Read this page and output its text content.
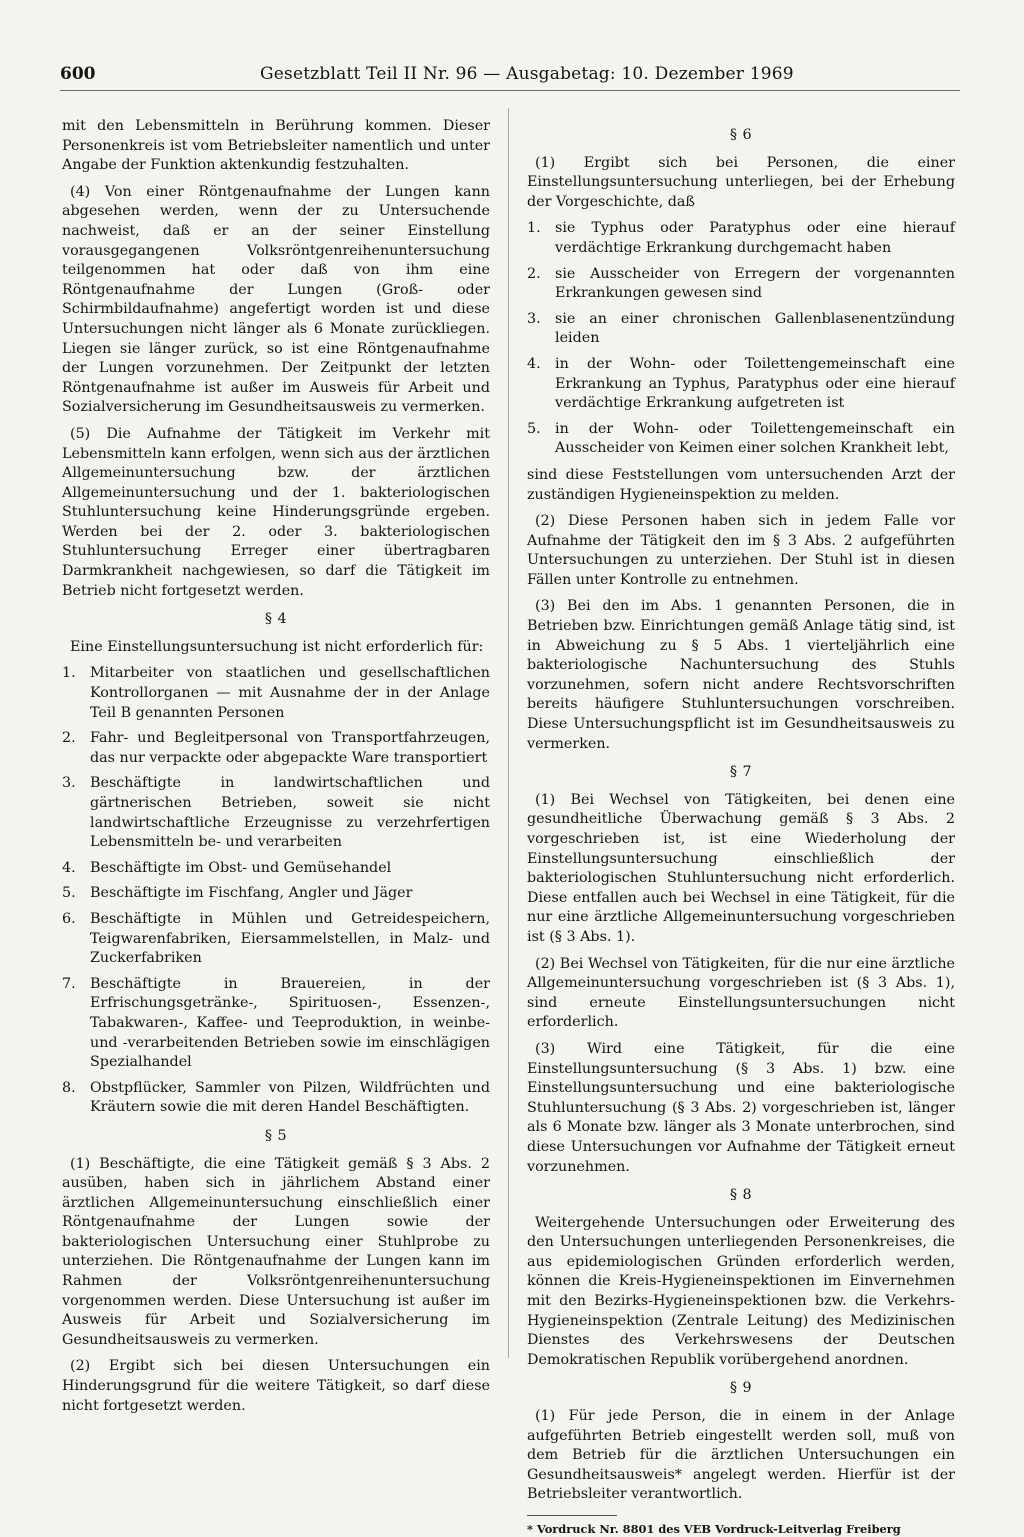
600	Gesetzblatt Teil II Nr. 96 — Ausgabetag: 10. Dezember 1969

mit den Lebensmitteln in Berührung kommen. Dieser Personenkreis ist vom Betriebsleiter namentlich und unter Angabe der Funktion aktenkundig festzuhalten.

(4) Von einer Röntgenaufnahme der Lungen kann abgesehen werden, wenn der zu Untersuchende nachweist, daß er an der seiner Einstellung vorausgegangenen Volksröntgenreihenuntersuchung teilgenommen hat oder daß von ihm eine Röntgenaufnahme der Lungen (Groß- oder Schirmbildaufnahme) angefertigt worden ist und diese Untersuchungen nicht länger als 6 Monate zurückliegen. Liegen sie länger zurück, so ist eine Röntgenaufnahme der Lungen vorzunehmen. Der Zeitpunkt der letzten Röntgenaufnahme ist außer im Ausweis für Arbeit und Sozialversicherung im Gesundheitsausweis zu vermerken.

(5) Die Aufnahme der Tätigkeit im Verkehr mit Lebensmitteln kann erfolgen, wenn sich aus der ärztlichen Allgemeinuntersuchung bzw. der ärztlichen Allgemeinuntersuchung und der 1. bakteriologischen Stuhluntersuchung keine Hinderungsgründe ergeben. Werden bei der 2. oder 3. bakteriologischen Stuhluntersuchung Erreger einer übertragbaren Darmkrankheit nachgewiesen, so darf die Tätigkeit im Betrieb nicht fortgesetzt werden.

§ 4

Eine Einstellungsuntersuchung ist nicht erforderlich für:

1. Mitarbeiter von staatlichen und gesellschaftlichen Kontrollorganen — mit Ausnahme der in der Anlage Teil B genannten Personen
2. Fahr- und Begleitpersonal von Transportfahrzeugen, das nur verpackte oder abgepackte Ware transportiert
3. Beschäftigte in landwirtschaftlichen und gärtnerischen Betrieben, soweit sie nicht landwirtschaftliche Erzeugnisse zu verzehrfertigen Lebensmitteln be- und verarbeiten
4. Beschäftigte im Obst- und Gemüsehandel
5. Beschäftigte im Fischfang, Angler und Jäger
6. Beschäftigte in Mühlen und Getreidespeichern, Teigwarenfabriken, Eiersammelstellen, in Malz- und Zuckerfabriken
7. Beschäftigte in Brauereien, in der Erfrischungsgetränke-, Spirituosen-, Essenzen-, Tabakwaren-, Kaffee- und Teeproduktion, in weinbe- und -verarbeitenden Betrieben sowie im einschlägigen Spezialhandel
8. Obstpflücker, Sammler von Pilzen, Wildfrüchten und Kräutern sowie die mit deren Handel Beschäftigten.
§ 5

(1) Beschäftigte, die eine Tätigkeit gemäß § 3 Abs. 2 ausüben, haben sich in jährlichem Abstand einer ärztlichen Allgemeinuntersuchung einschließlich einer Röntgenaufnahme der Lungen sowie der bakteriologischen Untersuchung einer Stuhlprobe zu unterziehen. Die Röntgenaufnahme der Lungen kann im Rahmen der Volksröntgenreihenuntersuchung vorgenommen werden. Diese Untersuchung ist außer im Ausweis für Arbeit und Sozialversicherung im Gesundheitsausweis zu vermerken.

(2) Ergibt sich bei diesen Untersuchungen ein Hinderungsgrund für die weitere Tätigkeit, so darf diese nicht fortgesetzt werden.

§ 6

(1) Ergibt sich bei Personen, die einer Einstellungsuntersuchung unterliegen, bei der Erhebung der Vorgeschichte, daß

1. sie Typhus oder Paratyphus oder eine hierauf verdächtige Erkrankung durchgemacht haben
2. sie Ausscheider von Erregern der vorgenannten Erkrankungen gewesen sind
3. sie an einer chronischen Gallenblasenentzündung leiden
4. in der Wohn- oder Toilettengemeinschaft eine Erkrankung an Typhus, Paratyphus oder eine hierauf verdächtige Erkrankung aufgetreten ist
5. in der Wohn- oder Toilettengemeinschaft ein Ausscheider von Keimen einer solchen Krankheit lebt,

sind diese Feststellungen vom untersuchenden Arzt der zuständigen Hygieneinspektion zu melden.

(2) Diese Personen haben sich in jedem Falle vor Aufnahme der Tätigkeit den im § 3 Abs. 2 aufgeführten Untersuchungen zu unterziehen. Der Stuhl ist in diesen Fällen unter Kontrolle zu entnehmen.

(3) Bei den im Abs. 1 genannten Personen, die in Betrieben bzw. Einrichtungen gemäß Anlage tätig sind, ist in Abweichung zu § 5 Abs. 1 vierteljährlich eine bakteriologische Nachuntersuchung des Stuhls vorzunehmen, sofern nicht andere Rechtsvorschriften bereits häufigere Stuhluntersuchungen vorschreiben. Diese Untersuchungspflicht ist im Gesundheitsausweis zu vermerken.

§ 7

(1) Bei Wechsel von Tätigkeiten, bei denen eine gesundheitliche Überwachung gemäß § 3 Abs. 2 vorgeschrieben ist, ist eine Wiederholung der Einstellungsuntersuchung einschließlich der bakteriologischen Stuhluntersuchung nicht erforderlich. Diese entfallen auch bei Wechsel in eine Tätigkeit, für die nur eine ärztliche Allgemeinuntersuchung vorgeschrieben ist (§ 3 Abs. 1).

(2) Bei Wechsel von Tätigkeiten, für die nur eine ärztliche Allgemeinuntersuchung vorgeschrieben ist (§ 3 Abs. 1), sind erneute Einstellungsuntersuchungen nicht erforderlich.

(3) Wird eine Tätigkeit, für die eine Einstellungsuntersuchung (§ 3 Abs. 1) bzw. eine Einstellungsuntersuchung und eine bakteriologische Stuhluntersuchung (§ 3 Abs. 2) vorgeschrieben ist, länger als 6 Monate bzw. länger als 3 Monate unterbrochen, sind diese Untersuchungen vor Aufnahme der Tätigkeit erneut vorzunehmen.

§ 8

Weitergehende Untersuchungen oder Erweiterung des den Untersuchungen unterliegenden Personenkreises, die aus epidemiologischen Gründen erforderlich werden, können die Kreis-Hygieneinspektionen im Einvernehmen mit den Bezirks-Hygieneinspektionen bzw. die Verkehrs-Hygieneinspektion (Zentrale Leitung) des Medizinischen Dienstes des Verkehrswesens der Deutschen Demokratischen Republik vorübergehend anordnen.

§ 9

(1) Für jede Person, die in einem in der Anlage aufgeführten Betrieb eingestellt werden soll, muß von dem Betrieb für die ärztlichen Untersuchungen ein Gesundheitsausweis* angelegt werden. Hierfür ist der Betriebsleiter verantwortlich.

* Vordruck Nr. 8801 des VEB Vordruck-Leitverlag Freiberg
